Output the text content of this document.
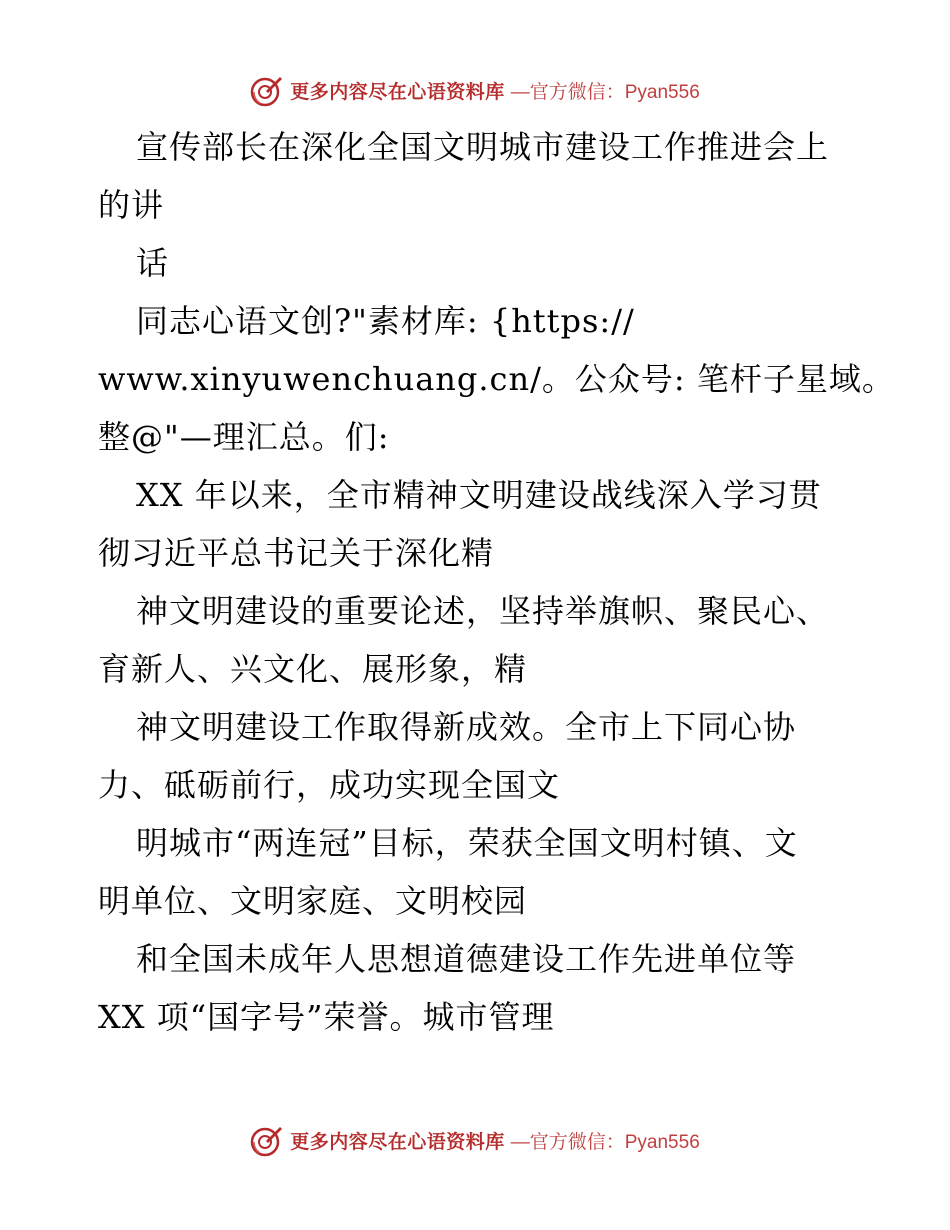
更多内容尽在心语资料库 —官方微信：Pyan556
宣传部长在深化全国文明城市建设工作推进会上
的讲
话
同志心语文创?"素材库: {https://
www.xinyuwenchuang.cn/。公众号: 笔杆子星域。
整@"—理汇总。们:
XX 年以来，全市精神文明建设战线深入学习贯
彻习近平总书记关于深化精
神文明建设的重要论述，坚持举旗帜、聚民心、
育新人、兴文化、展形象，精
神文明建设工作取得新成效。全市上下同心协
力、砥砺前行，成功实现全国文
明城市“两连冠”目标，荣获全国文明村镇、文
明单位、文明家庭、文明校园
和全国未成年人思想道德建设工作先进单位等
XX 项“国字号”荣誉。城市管理
更多内容尽在心语资料库 —官方微信：Pyan556
